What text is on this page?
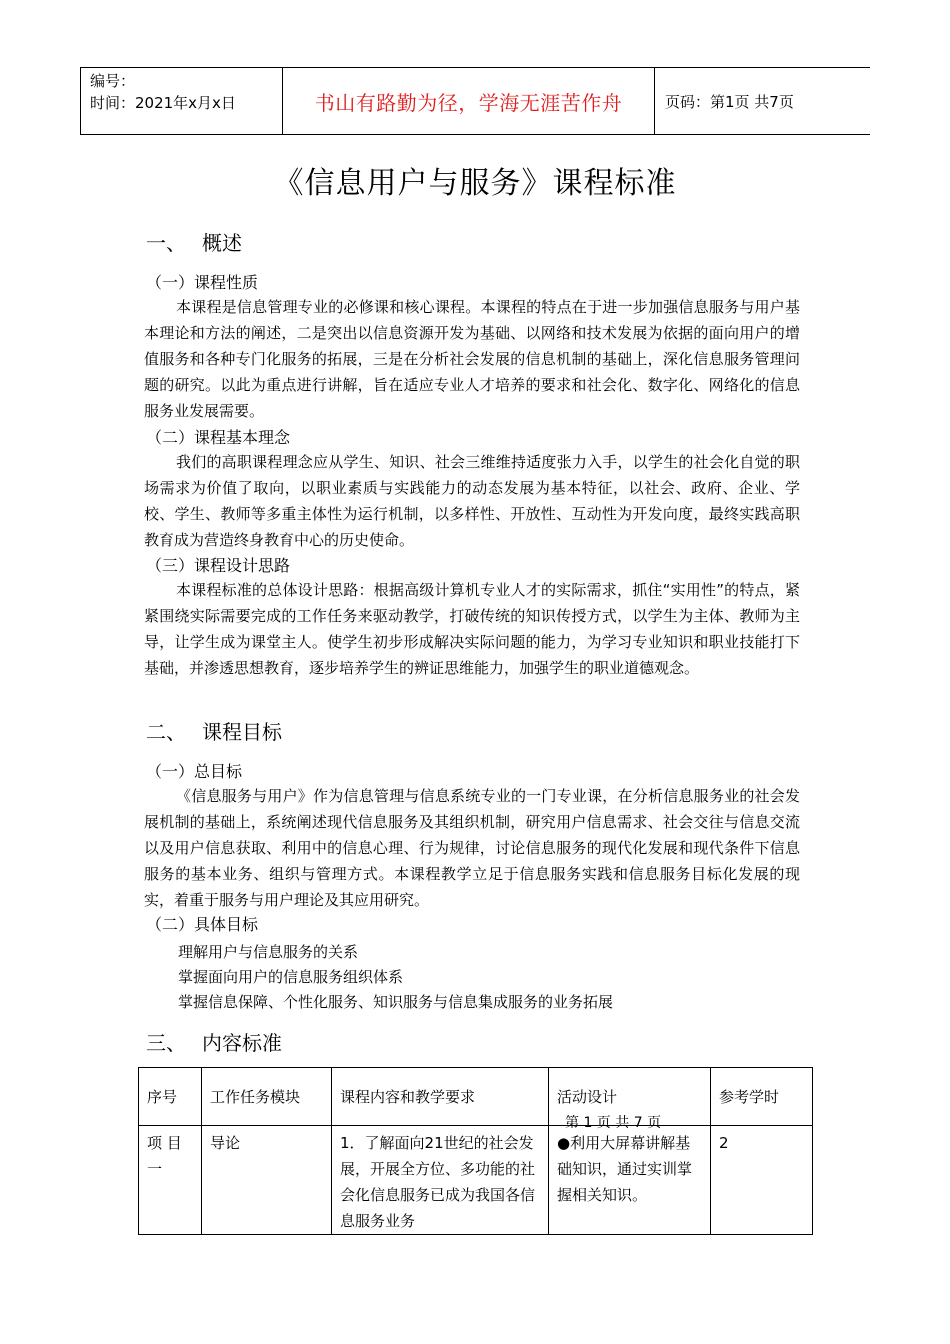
编号：
时间：2021年x月x日	书山有路勤为径，学海无涯苦作舟	页码：第1页 共7页
《信息用户与服务》课程标准
一、 概述
（一）课程性质

本课程是信息管理专业的必修课和核心课程。本课程的特点在于进一步加强信息服务与用户基本理论和方法的阐述，二是突出以信息资源开发为基础、以网络和技术发展为依据的面向用户的增值服务和各种专门化服务的拓展，三是在分析社会发展的信息机制的基础上，深化信息服务管理问题的研究。以此为重点进行讲解，旨在适应专业人才培养的要求和社会化、数字化、网络化的信息服务业发展需要。

（二）课程基本理念

我们的高职课程理念应从学生、知识、社会三维维持适度张力入手，以学生的社会化自觉的职场需求为价值了取向，以职业素质与实践能力的动态发展为基本特征，以社会、政府、企业、学校、学生、教师等多重主体性为运行机制，以多样性、开放性、互动性为开发向度，最终实践高职教育成为营造终身教育中心的历史使命。

（三）课程设计思路

本课程标准的总体设计思路：根据高级计算机专业人才的实际需求，抓住“实用性”的特点，紧紧围绕实际需要完成的工作任务来驱动教学，打破传统的知识传授方式，以学生为主体、教师为主导，让学生成为课堂主人。使学生初步形成解决实际问题的能力，为学习专业知识和职业技能打下基础，并渗透思想教育，逐步培养学生的辨证思维能力，加强学生的职业道德观念。

二、 课程目标
（一）总目标

《信息服务与用户》作为信息管理与信息系统专业的一门专业课，在分析信息服务业的社会发展机制的基础上，系统阐述现代信息服务及其组织机制，研究用户信息需求、社会交往与信息交流以及用户信息获取、利用中的信息心理、行为规律，讨论信息服务的现代化发展和现代条件下信息服务的基本业务、组织与管理方式。本课程教学立足于信息服务实践和信息服务目标化发展的现实，着重于服务与用户理论及其应用研究。

（二）具体目标
理解用户与信息服务的关系
掌握面向用户的信息服务组织体系
掌握信息保障、个性化服务、知识服务与信息集成服务的业务拓展
三、 内容标准
序号	工作任务模块	课程内容和教学要求	活动设计	参考学时
项 目一	导论	1．了解面向21世纪的社会发展，开展全方位、多功能的社会化信息服务已成为我国各信息服务业务	●利用大屏幕讲解基础知识，通过实训掌握相关知识。	2
第 1 页 共 7 页
